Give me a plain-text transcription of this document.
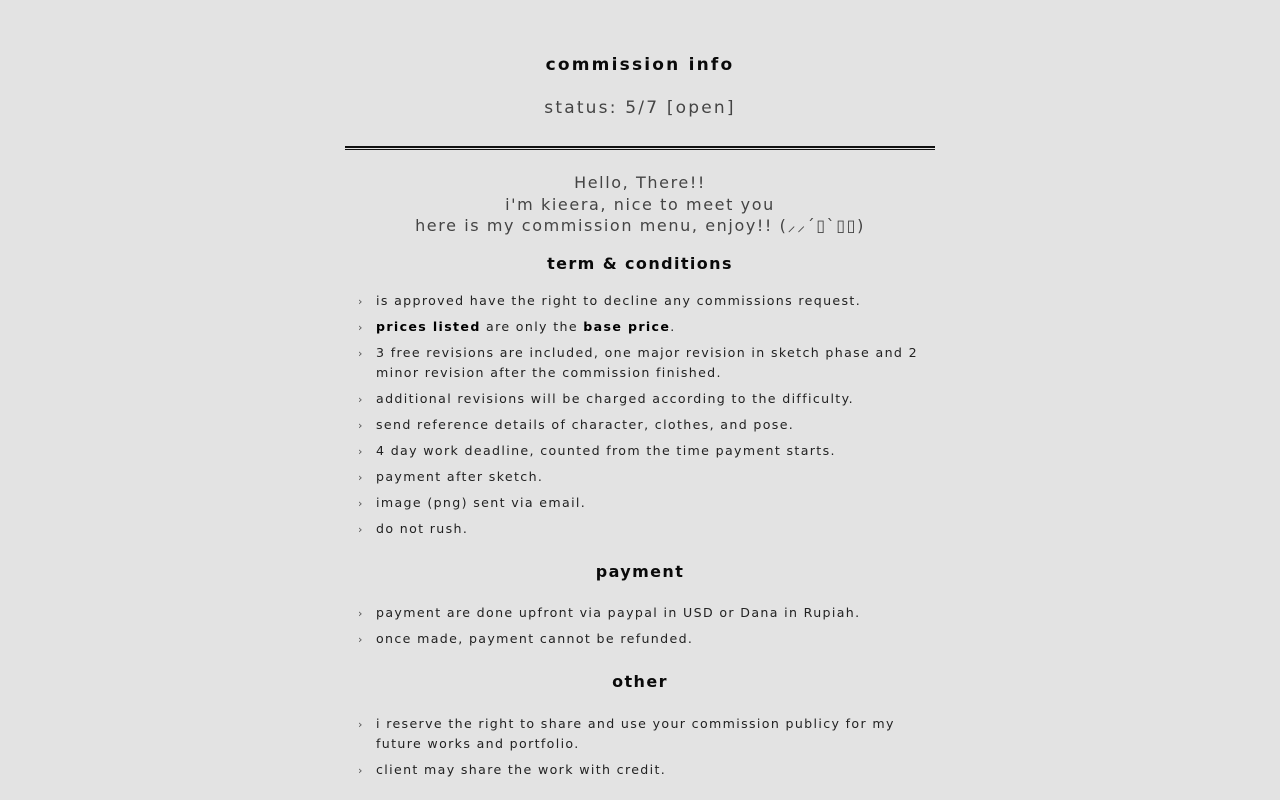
commission info
status: 5/7 [open]
Hello, There!!
i'm kieera, nice to meet you
here is my commission menu, enjoy!! (⸝⸝´▯`▯▯)
term & conditions
› is approved have the right to decline any commissions request.
› prices listed are only the base price.
› 3 free revisions are included, one major revision in sketch phase and 2 minor revision after the commission finished.
› additional revisions will be charged according to the difficulty.
› send reference details of character, clothes, and pose.
› 4 day work deadline, counted from the time payment starts.
› payment after sketch.
› image (png) sent via email.
› do not rush.
payment
› payment are done upfront via paypal in USD or Dana in Rupiah.
› once made, payment cannot be refunded.
other
› i reserve the right to share and use your commission publicy for my future works and portfolio.
› client may share the work with credit.
